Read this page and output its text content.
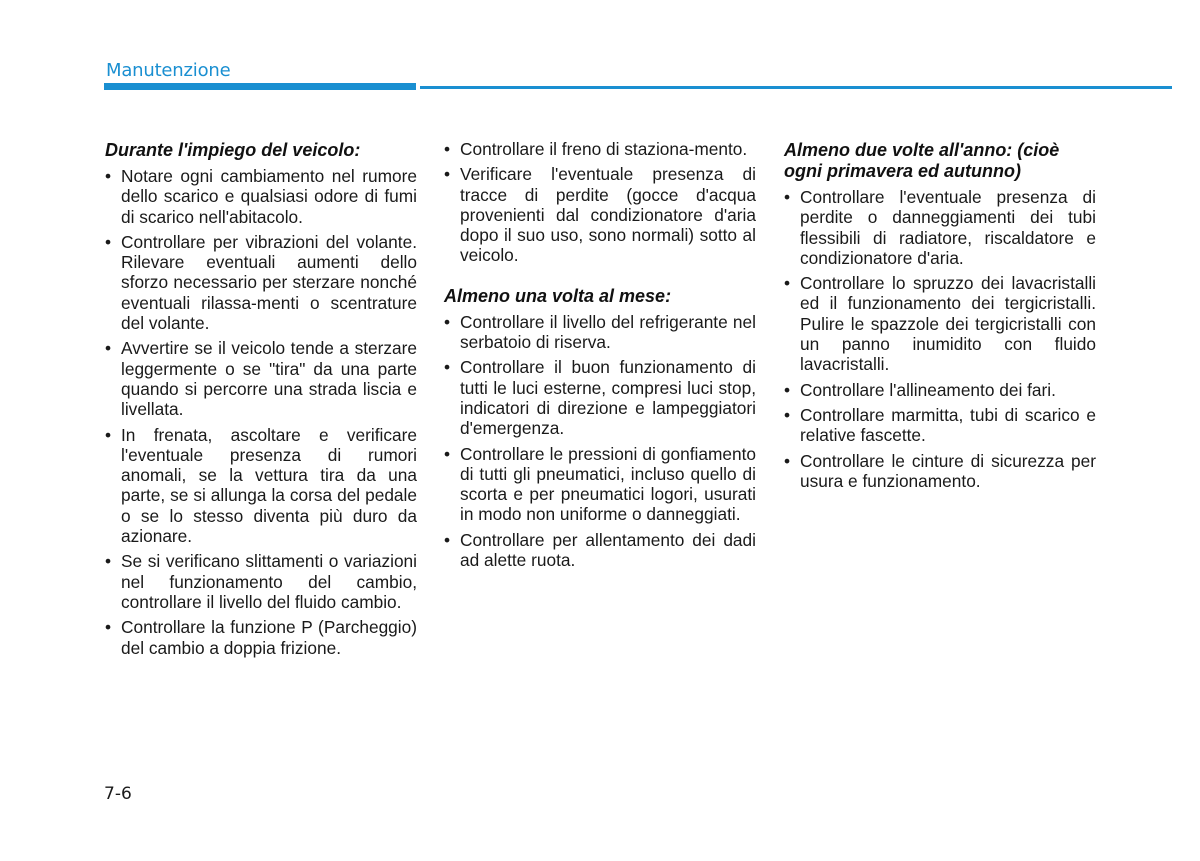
Manutenzione
Durante l'impiego del veicolo:
• Notare ogni cambiamento nel rumore dello scarico e qualsiasi odore di fumi di scarico nell'abitacolo.
• Controllare per vibrazioni del volante. Rilevare eventuali aumenti dello sforzo necessario per sterzare nonché eventuali rilassa-menti o scentrature del volante.
• Avvertire se il veicolo tende a sterzare leggermente o se "tira" da una parte quando si percorre una strada liscia e livellata.
• In frenata, ascoltare e verificare l'eventuale presenza di rumori anomali, se la vettura tira da una parte, se si allunga la corsa del pedale o se lo stesso diventa più duro da azionare.
• Se si verificano slittamenti o variazioni nel funzionamento del cambio, controllare il livello del fluido cambio.
• Controllare la funzione P (Parcheggio) del cambio a doppia frizione.
• Controllare il freno di staziona-mento.
• Verificare l'eventuale presenza di tracce di perdite (gocce d'acqua provenienti dal condizionatore d'aria dopo il suo uso, sono normali) sotto al veicolo.
Almeno una volta al mese:
• Controllare il livello del refrigerante nel serbatoio di riserva.
• Controllare il buon funzionamento di tutti le luci esterne, compresi luci stop, indicatori di direzione e lampeggiatori d'emergenza.
• Controllare le pressioni di gonfiamento di tutti gli pneumatici, incluso quello di scorta e per pneumatici logori, usurati in modo non uniforme o danneggiati.
• Controllare per allentamento dei dadi ad alette ruota.
Almeno due volte all'anno: (cioè ogni primavera ed autunno)
• Controllare l'eventuale presenza di perdite o danneggiamenti dei tubi flessibili di radiatore, riscaldatore e condizionatore d'aria.
• Controllare lo spruzzo dei lavacristalli ed il funzionamento dei tergicristalli. Pulire le spazzole dei tergicristalli con un panno inumidito con fluido lavacristalli.
• Controllare l'allineamento dei fari.
• Controllare marmitta, tubi di scarico e relative fascette.
• Controllare le cinture di sicurezza per usura e funzionamento.
7-6
